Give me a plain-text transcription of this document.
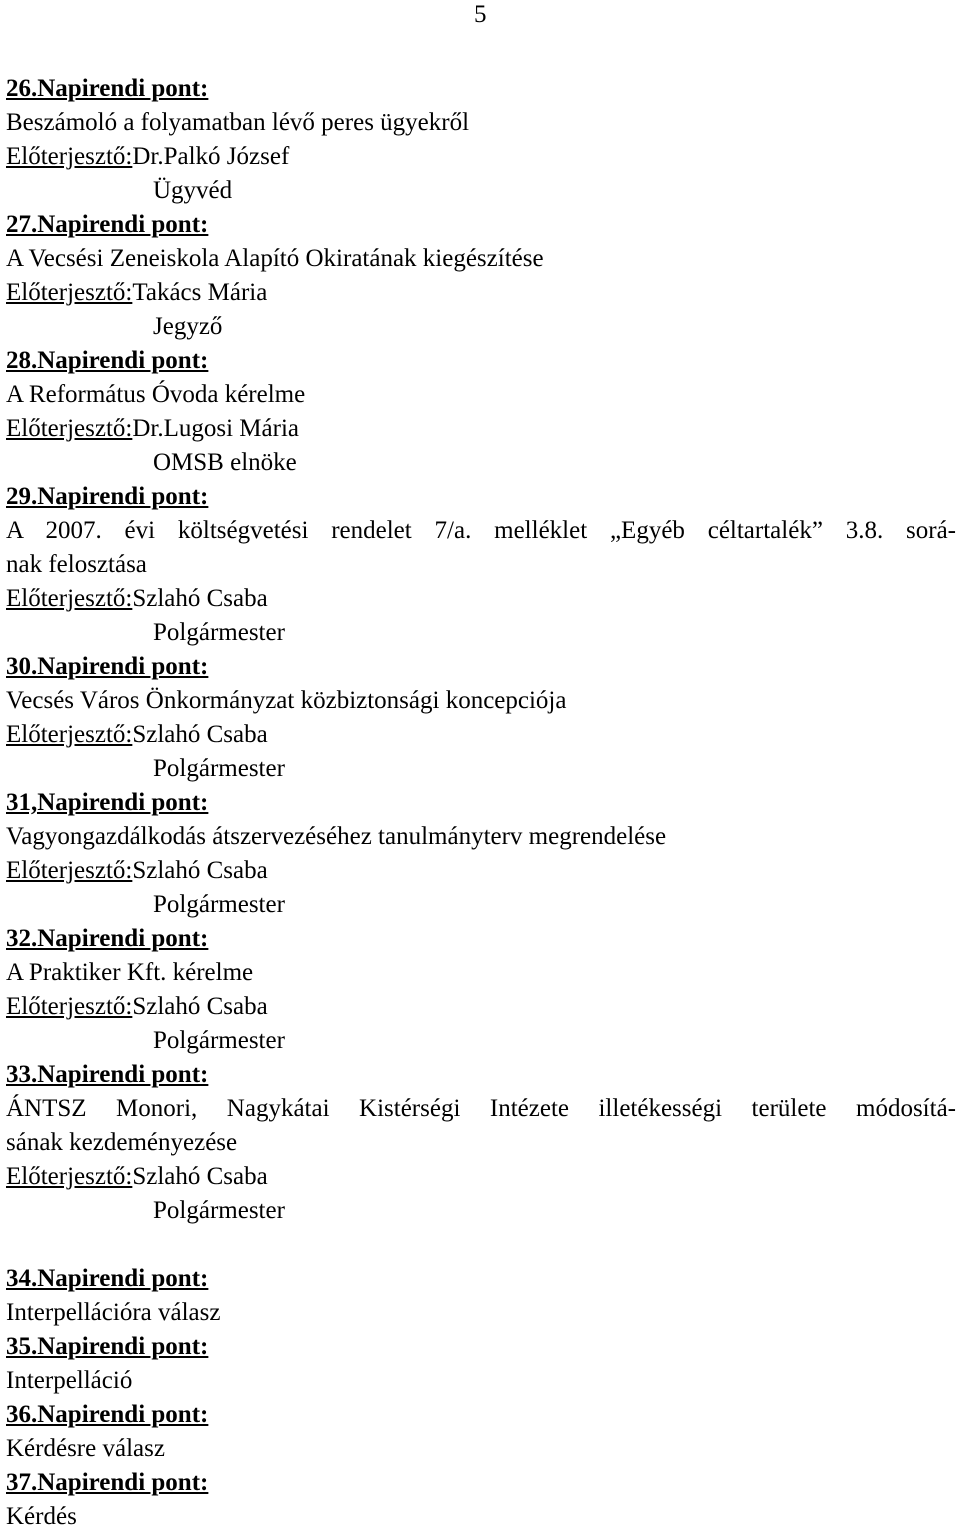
5
26.Napirendi pont:
Beszámoló a folyamatban lévő peres ügyekről
Előterjesztő:Dr.Palkó József
Ügyvéd
27.Napirendi pont:
A Vecsési Zeneiskola Alapító Okiratának kiegészítése
Előterjesztő:Takács Mária
Jegyző
28.Napirendi pont:
A Református Óvoda kérelme
Előterjesztő:Dr.Lugosi Mária
OMSB elnöke
29.Napirendi pont:
A 2007. évi költségvetési rendelet 7/a. melléklet „Egyéb céltartalék” 3.8. sorá-
nak felosztása
Előterjesztő:Szlahó Csaba
Polgármester
30.Napirendi pont:
Vecsés Város Önkormányzat közbiztonsági koncepciója
Előterjesztő:Szlahó Csaba
Polgármester
31,Napirendi pont:
Vagyongazdálkodás átszervezéséhez tanulmányterv megrendelése
Előterjesztő:Szlahó Csaba
Polgármester
32.Napirendi pont:
A Praktiker Kft. kérelme
Előterjesztő:Szlahó Csaba
Polgármester
33.Napirendi pont:
ÁNTSZ Monori, Nagykátai Kistérségi Intézete illetékességi területe módosítá-
sának kezdeményezése
Előterjesztő:Szlahó Csaba
Polgármester
34.Napirendi pont:
Interpellációra válasz
35.Napirendi pont:
Interpelláció
36.Napirendi pont:
Kérdésre válasz
37.Napirendi pont:
Kérdés
